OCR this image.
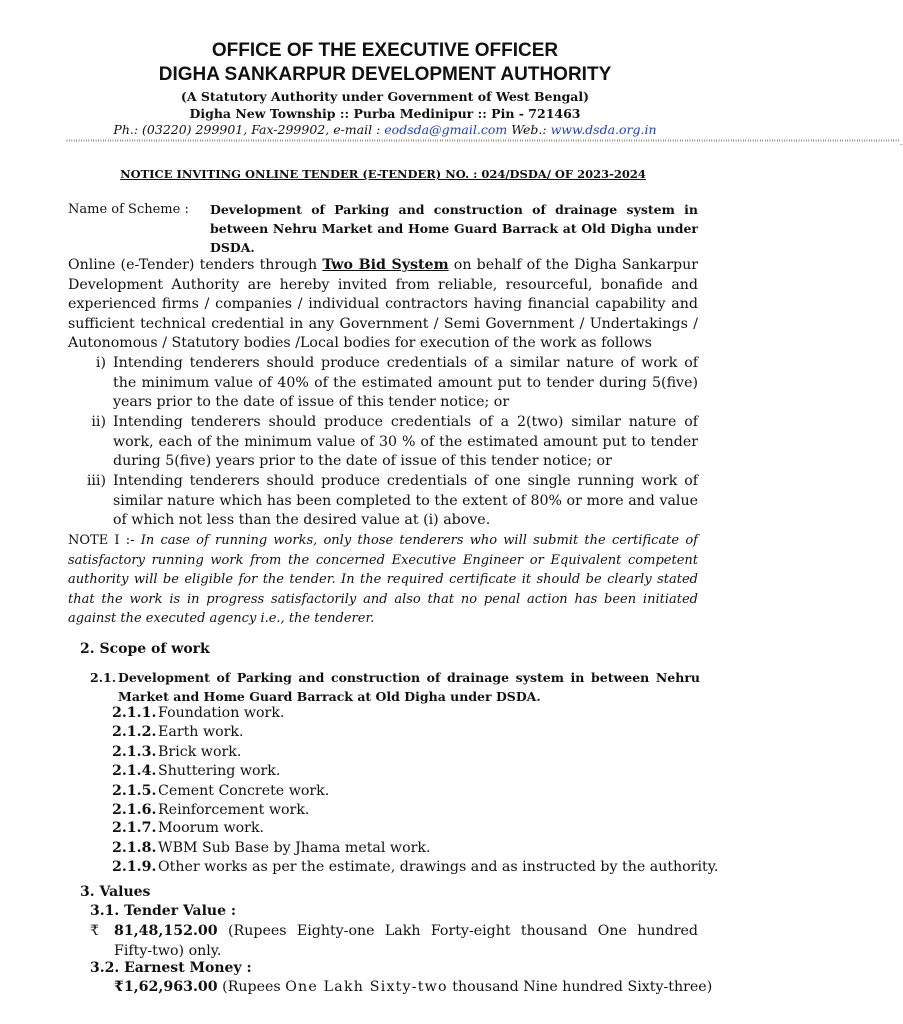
OFFICE OF THE EXECUTIVE OFFICER
DIGHA SANKARPUR DEVELOPMENT AUTHORITY
(A Statutory Authority under Government of West Bengal)
Digha New Township :: Purba Medinipur :: Pin - 721463
Ph.: (03220) 299901, Fax-299902, e-mail : eodsda@gmail.com Web.: www.dsda.org.in
''''''''''''''''''''''''''''''''''''''''''''''''''''''''''''''''''''''''''''''''''''''''''''''''''''''''''''''''''''''''''''''''''''''''''''''''''''''''''''''''''''''''''''''''''''''''''''''''''''''''''''''''''''''''''''''''''''''''''''''''''''''''''''''''''''''''''''''''''''''''''''''''''''''''''''''''''''''''''''''''''''''''''''''''''''''''.
NOTICE INVITING ONLINE TENDER (E-TENDER) NO. : 024/DSDA/ OF 2023-2024
Name of Scheme : Development of Parking and construction of drainage system in between Nehru Market and Home Guard Barrack at Old Digha under DSDA.
Online (e-Tender) tenders through Two Bid System on behalf of the Digha Sankarpur Development Authority are hereby invited from reliable, resourceful, bonafide and experienced firms / companies / individual contractors having financial capability and sufficient technical credential in any Government / Semi Government / Undertakings / Autonomous / Statutory bodies /Local bodies for execution of the work as follows
i) Intending tenderers should produce credentials of a similar nature of work of the minimum value of 40% of the estimated amount put to tender during 5(five) years prior to the date of issue of this tender notice; or
ii) Intending tenderers should produce credentials of a 2(two) similar nature of work, each of the minimum value of 30 % of the estimated amount put to tender during 5(five) years prior to the date of issue of this tender notice; or
iii) Intending tenderers should produce credentials of one single running work of similar nature which has been completed to the extent of 80% or more and value of which not less than the desired value at (i) above.
NOTE I :- In case of running works, only those tenderers who will submit the certificate of satisfactory running work from the concerned Executive Engineer or Equivalent competent authority will be eligible for the tender. In the required certificate it should be clearly stated that the work is in progress satisfactorily and also that no penal action has been initiated against the executed agency i.e., the tenderer.
2. Scope of work
2.1. Development of Parking and construction of drainage system in between Nehru Market and Home Guard Barrack at Old Digha under DSDA.
2.1.1. Foundation work.
2.1.2. Earth work.
2.1.3. Brick work.
2.1.4. Shuttering work.
2.1.5. Cement Concrete work.
2.1.6. Reinforcement work.
2.1.7. Moorum work.
2.1.8. WBM Sub Base by Jhama metal work.
2.1.9. Other works as per the estimate, drawings and as instructed by the authority.
3. Values
3.1. Tender Value :
₹	81,48,152.00 (Rupees Eighty-one Lakh Forty-eight thousand One hundred Fifty-two) only.
3.2. Earnest Money :
₹1,62,963.00 (Rupees One Lakh Sixty-two thousand Nine hundred Sixty-three)
